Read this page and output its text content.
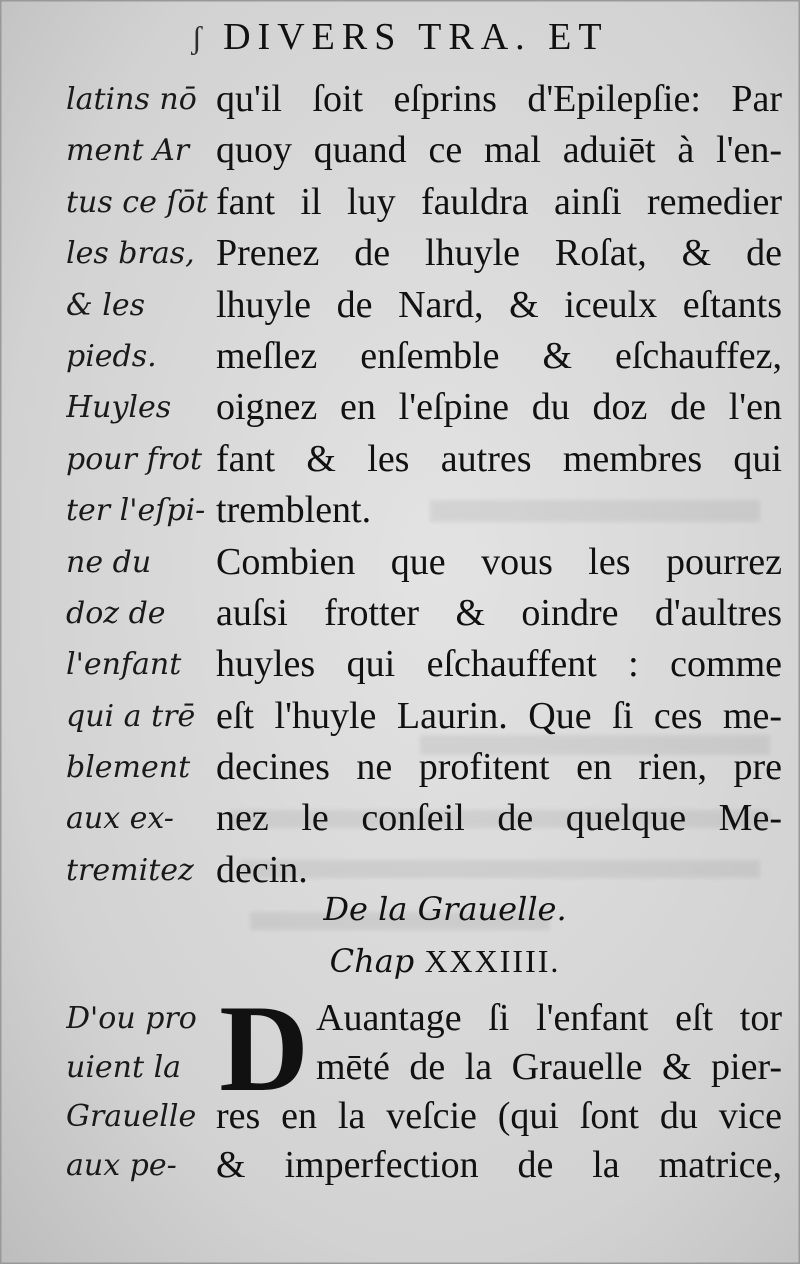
ʃ DIVERS TRA. ET
latins nō
ment Ar
tus ce ſōt
les bras,
& les
pieds.
Huyles
pour frot
ter l'eſpi-
ne du
doz de
l'enfant
qui a trē
blement
aux ex-
tremitez
qu'il ſoit eſprins d'Epilepſie: Par
quoy quand ce mal aduiēt à l'en-
fant il luy fauldra ainſi remedier
Prenez de lhuyle Roſat, & de
lhuyle de Nard, & iceulx eſtants
meſlez enſemble & eſchauffez,
oignez en l'eſpine du doz de l'en
fant & les autres membres qui
tremblent.
Combien que vous les pourrez
auſsi frotter & oindre d'aultres
huyles qui eſchauffent : comme
eſt l'huyle Laurin. Que ſi ces me-
decines ne profitent en rien, pre
nez le conſeil de quelque Me-
decin.
De la Grauelle.
Chap XXXIIII.
D'ou pro
uient la
Grauelle
aux pe-
D Auantage ſi l'enfant eſt tor
mēté de la Grauelle & pier-
res en la veſcie (qui ſont du vice
& imperfection de la matrice,
